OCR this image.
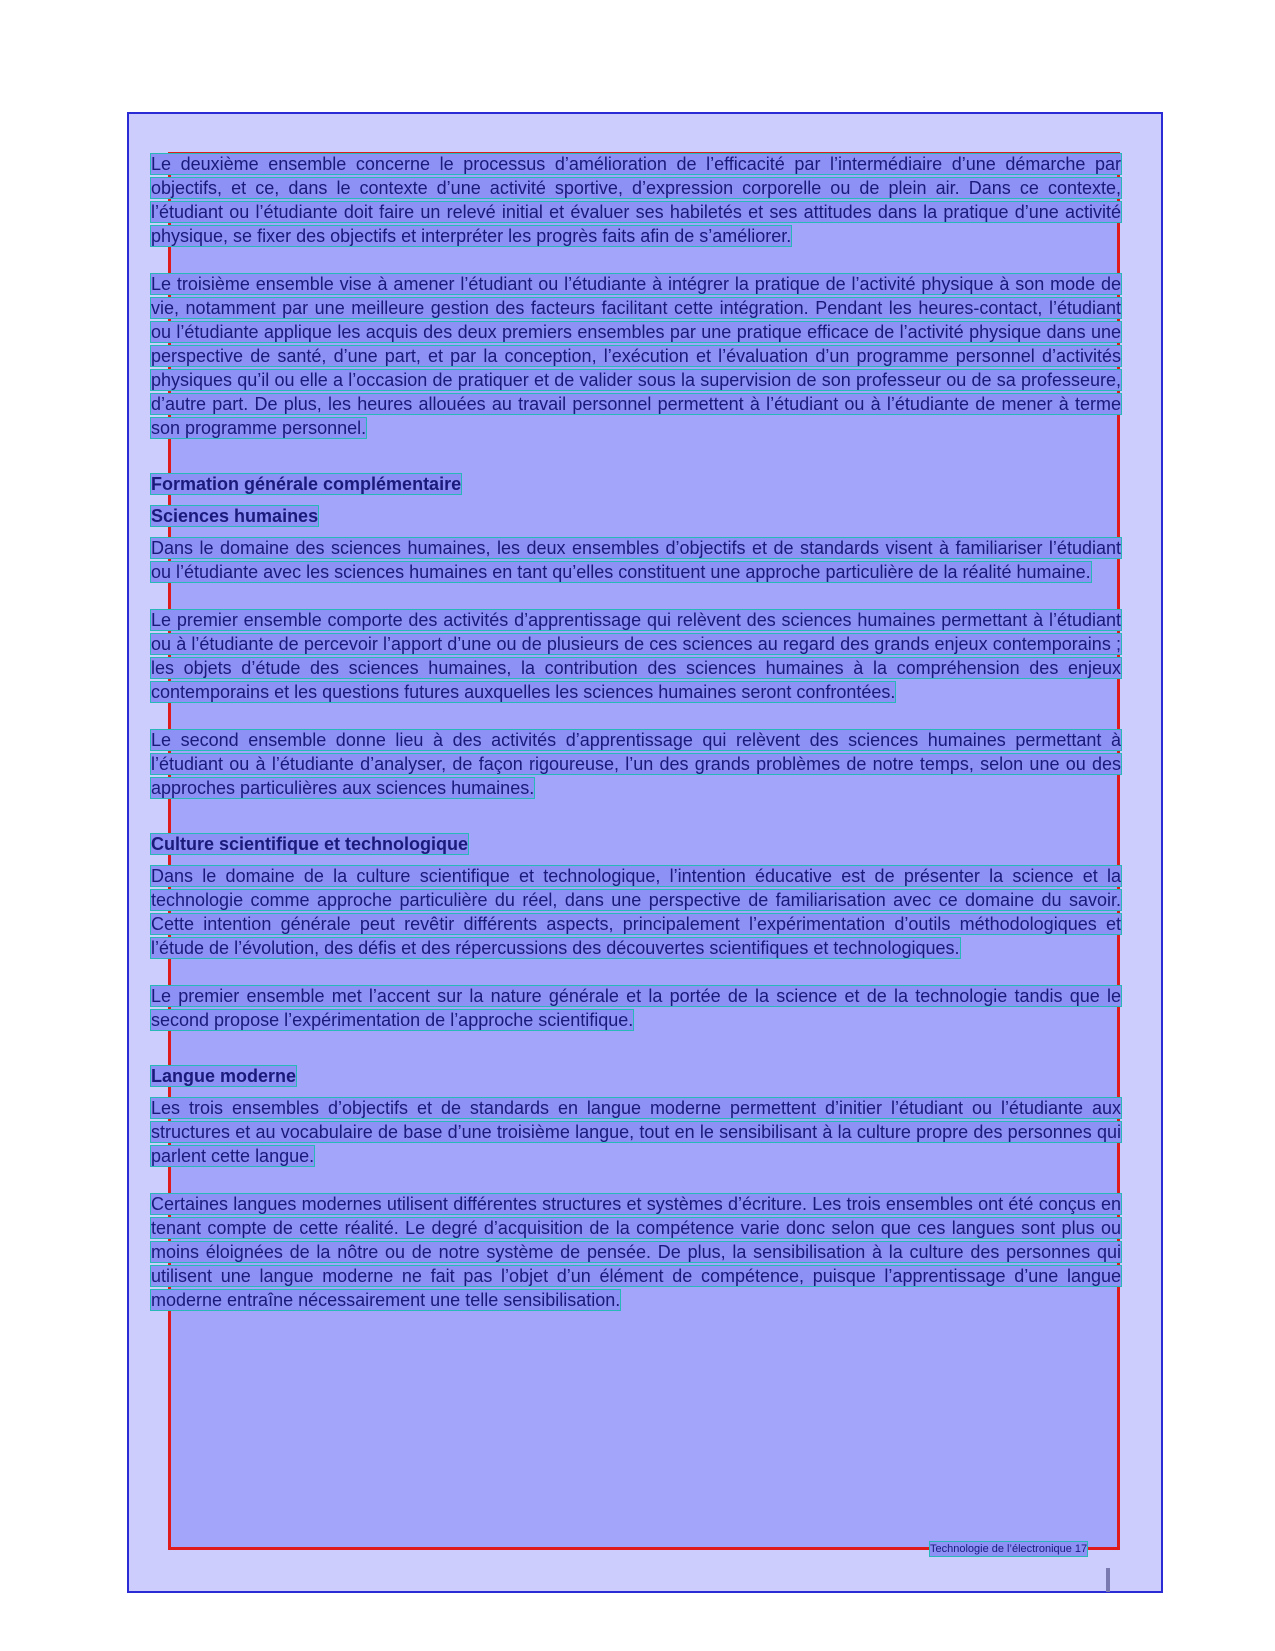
Le deuxième ensemble concerne le processus d’amélioration de l’efficacité par l’intermédiaire d’une démarche par objectifs, et ce, dans le contexte d’une activité sportive, d’expression corporelle ou de plein air. Dans ce contexte, l’étudiant ou l’étudiante doit faire un relevé initial et évaluer ses habiletés et ses attitudes dans la pratique d’une activité physique, se fixer des objectifs et interpréter les progrès faits afin de s’améliorer.

Le troisième ensemble vise à amener l’étudiant ou l’étudiante à intégrer la pratique de l’activité physique à son mode de vie, notamment par une meilleure gestion des facteurs facilitant cette intégration. Pendant les heures-contact, l’étudiant ou l’étudiante applique les acquis des deux premiers ensembles par une pratique efficace de l’activité physique dans une perspective de santé, d’une part, et par la conception, l’exécution et l’évaluation d’un programme personnel d’activités physiques qu’il ou elle a l’occasion de pratiquer et de valider sous la supervision de son professeur ou de sa professeure, d’autre part. De plus, les heures allouées au travail personnel permettent à l’étudiant ou à l’étudiante de mener à terme son programme personnel.

Formation générale complémentaire
Sciences humaines

Dans le domaine des sciences humaines, les deux ensembles d’objectifs et de standards visent à familiariser l’étudiant ou l’étudiante avec les sciences humaines en tant qu’elles constituent une approche particulière de la réalité humaine.

Le premier ensemble comporte des activités d’apprentissage qui relèvent des sciences humaines permettant à l’étudiant ou à l’étudiante de percevoir l’apport d’une ou de plusieurs de ces sciences au regard des grands enjeux contemporains ; les objets d’étude des sciences humaines, la contribution des sciences humaines à la compréhension des enjeux contemporains et les questions futures auxquelles les sciences humaines seront confrontées.

Le second ensemble donne lieu à des activités d’apprentissage qui relèvent des sciences humaines permettant à l’étudiant ou à l’étudiante d’analyser, de façon rigoureuse, l’un des grands problèmes de notre temps, selon une ou des approches particulières aux sciences humaines.

Culture scientifique et technologique

Dans le domaine de la culture scientifique et technologique, l’intention éducative est de présenter la science et la technologie comme approche particulière du réel, dans une perspective de familiarisation avec ce domaine du savoir. Cette intention générale peut revêtir différents aspects, principalement l’expérimentation d’outils méthodologiques et l’étude de l’évolution, des défis et des répercussions des découvertes scientifiques et technologiques.

Le premier ensemble met l’accent sur la nature générale et la portée de la science et de la technologie tandis que le second propose l’expérimentation de l’approche scientifique.

Langue moderne

Les trois ensembles d’objectifs et de standards en langue moderne permettent d’initier l’étudiant ou l’étudiante aux structures et au vocabulaire de base d’une troisième langue, tout en le sensibilisant à la culture propre des personnes qui parlent cette langue.

Certaines langues modernes utilisent différentes structures et systèmes d’écriture. Les trois ensembles ont été conçus en tenant compte de cette réalité. Le degré d’acquisition de la compétence varie donc selon que ces langues sont plus ou moins éloignées de la nôtre ou de notre système de pensée. De plus, la sensibilisation à la culture des personnes qui utilisent une langue moderne ne fait pas l’objet d’un élément de compétence, puisque l’apprentissage d’une langue moderne entraîne nécessairement une telle sensibilisation.

Technologie de l’électronique 17
